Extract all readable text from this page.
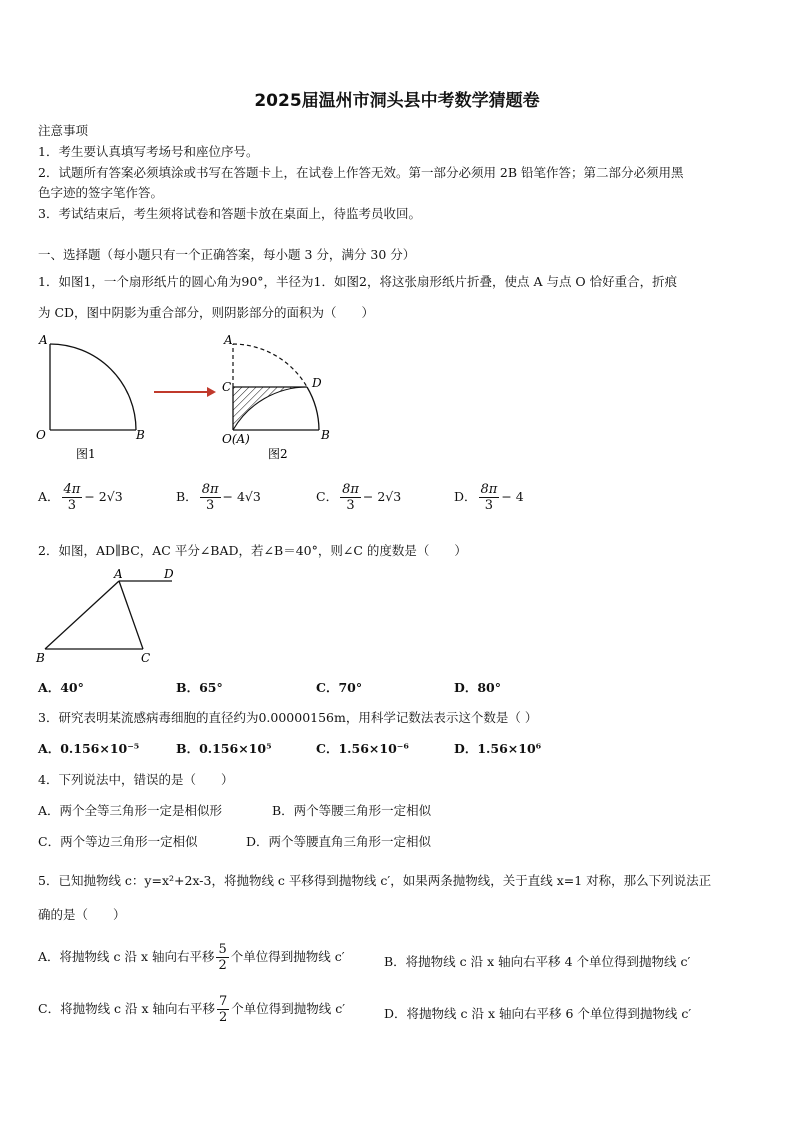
2025届温州市洞头县中考数学猜题卷
注意事项
1．考生要认真填写考场号和座位序号。
2．试题所有答案必须填涂或书写在答题卡上，在试卷上作答无效。第一部分必须用 2B 铅笔作答；第二部分必须用黑
色字迹的签字笔作答。
3．考试结束后，考生须将试卷和答题卡放在桌面上，待监考员收回。
一、选择题（每小题只有一个正确答案，每小题 3 分，满分 30 分）
1．如图1，一个扇形纸片的圆心角为90°，半径为1．如图2，将这张扇形纸片折叠，使点 A 与点 O 恰好重合，折痕
为 CD，图中阴影为重合部分，则阴影部分的面积为（　　）
A
O	B
图1
A
C	D
O(A)	B
图2
A． $\frac{4\pi}{3} - 2√3$	B． $\frac{8\pi}{3} - 4√3$	C． $\frac{8\pi}{3} - 2√3$	D． $\frac{8\pi}{3} - 4$
2．如图，AD∥BC，AC 平分∠BAD，若∠B＝40°，则∠C 的度数是（　　）
A	D
B	C
A．40°	B．65°	C．70°	D．80°
3．研究表明某流感病毒细胞的直径约为0.00000156m，用科学记数法表示这个数是（ ）
A．0.156×10⁻⁵	B．0.156×10⁵	C．1.56×10⁻⁶	D．1.56×10⁶
4．下列说法中，错误的是（　　）
A．两个全等三角形一定是相似形	B．两个等腰三角形一定相似
C．两个等边三角形一定相似	D．两个等腰直角三角形一定相似
5．已知抛物线 c：y=x²+2x-3，将抛物线 c 平移得到抛物线 c′，如果两条抛物线，关于直线 x=1 对称，那么下列说法正
确的是（　　）
A．将抛物线 c 沿 x 轴向右平移 $\frac{5}{2}$ 个单位得到抛物线 c′	B．将抛物线 c 沿 x 轴向右平移 4 个单位得到抛物线 c′
C．将抛物线 c 沿 x 轴向右平移 $\frac{7}{2}$ 个单位得到抛物线 c′	D．将抛物线 c 沿 x 轴向右平移 6 个单位得到抛物线 c′
